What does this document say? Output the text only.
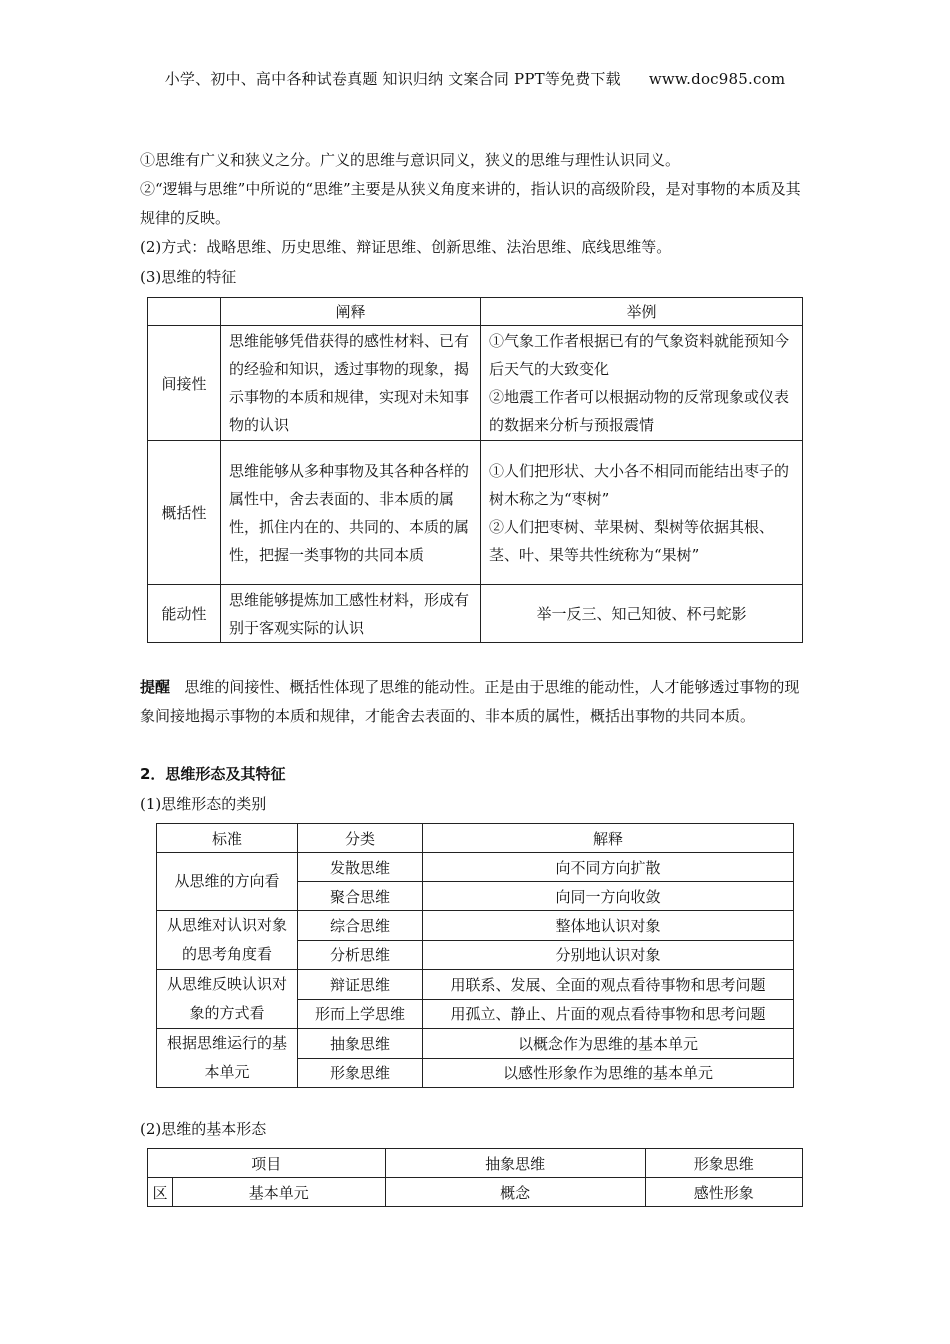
小学、初中、高中各种试卷真题 知识归纳 文案合同 PPT等免费下载 www.doc985.com
①思维有广义和狭义之分。广义的思维与意识同义，狭义的思维与理性认识同义。
②“逻辑与思维”中所说的“思维”主要是从狭义角度来讲的，指认识的高级阶段，是对事物的本质及其规律的反映。
(2)方式：战略思维、历史思维、辩证思维、创新思维、法治思维、底线思维等。
(3)思维的特征
	阐释	举例
间接性	思维能够凭借获得的感性材料、已有的经验和知识，透过事物的现象，揭示事物的本质和规律，实现对未知事物的认识	①气象工作者根据已有的气象资料就能预知今后天气的大致变化
②地震工作者可以根据动物的反常现象或仪表的数据来分析与预报震情
概括性	思维能够从多种事物及其各种各样的属性中，舍去表面的、非本质的属性，抓住内在的、共同的、本质的属性，把握一类事物的共同本质	①人们把形状、大小各不相同而能结出枣子的树木称之为“枣树”
②人们把枣树、苹果树、梨树等依据其根、茎、叶、果等共性统称为“果树”
能动性	思维能够提炼加工感性材料，形成有别于客观实际的认识	举一反三、知己知彼、杯弓蛇影
提醒 思维的间接性、概括性体现了思维的能动性。正是由于思维的能动性，人才能够透过事物的现象间接地揭示事物的本质和规律，才能舍去表面的、非本质的属性，概括出事物的共同本质。
2．思维形态及其特征
(1)思维形态的类别
标准	分类	解释
从思维的方向看	发散思维	向不同方向扩散
	聚合思维	向同一方向收敛
从思维对认识对象的思考角度看	综合思维	整体地认识对象
	分析思维	分别地认识对象
从思维反映认识对象的方式看	辩证思维	用联系、发展、全面的观点看待事物和思考问题
	形而上学思维	用孤立、静止、片面的观点看待事物和思考问题
根据思维运行的基本单元	抽象思维	以概念作为思维的基本单元
	形象思维	以感性形象作为思维的基本单元
(2)思维的基本形态
项目		抽象思维	形象思维
区	基本单元	概念	感性形象
